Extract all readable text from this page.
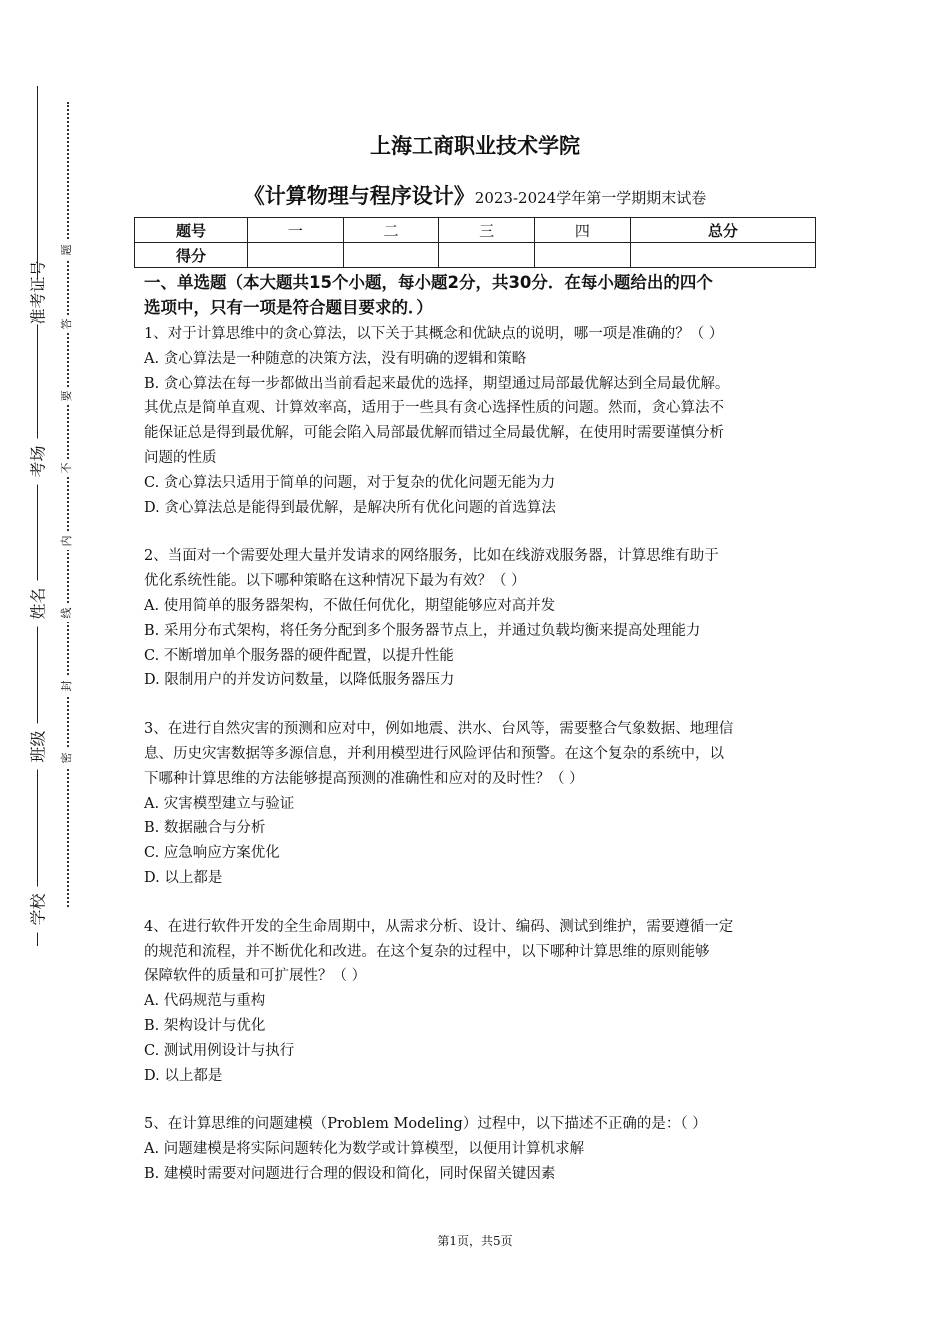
准考证号
考场
姓名
班级
学校
题
答
要
不
内
线
封
密
上海工商职业技术学院
《计算物理与程序设计》2023-2024学年第一学期期末试卷
题号	一	二	三	四	总分
得分					

一、单选题（本大题共15个小题，每小题2分，共30分．在每小题给出的四个

选项中，只有一项是符合题目要求的．）

1、对于计算思维中的贪心算法，以下关于其概念和优缺点的说明，哪一项是准确的？（ ）

A. 贪心算法是一种随意的决策方法，没有明确的逻辑和策略

B. 贪心算法在每一步都做出当前看起来最优的选择，期望通过局部最优解达到全局最优解。

其优点是简单直观、计算效率高，适用于一些具有贪心选择性质的问题。然而，贪心算法不

能保证总是得到最优解，可能会陷入局部最优解而错过全局最优解，在使用时需要谨慎分析

问题的性质

C. 贪心算法只适用于简单的问题，对于复杂的优化问题无能为力

D. 贪心算法总是能得到最优解，是解决所有优化问题的首选算法

2、当面对一个需要处理大量并发请求的网络服务，比如在线游戏服务器，计算思维有助于

优化系统性能。以下哪种策略在这种情况下最为有效？（ ）

A. 使用简单的服务器架构，不做任何优化，期望能够应对高并发

B. 采用分布式架构，将任务分配到多个服务器节点上，并通过负载均衡来提高处理能力

C. 不断增加单个服务器的硬件配置，以提升性能

D. 限制用户的并发访问数量，以降低服务器压力

3、在进行自然灾害的预测和应对中，例如地震、洪水、台风等，需要整合气象数据、地理信

息、历史灾害数据等多源信息，并利用模型进行风险评估和预警。在这个复杂的系统中，以

下哪种计算思维的方法能够提高预测的准确性和应对的及时性？（ ）

A. 灾害模型建立与验证

B. 数据融合与分析

C. 应急响应方案优化

D. 以上都是

4、在进行软件开发的全生命周期中，从需求分析、设计、编码、测试到维护，需要遵循一定

的规范和流程，并不断优化和改进。在这个复杂的过程中，以下哪种计算思维的原则能够

保障软件的质量和可扩展性？（ ）

A. 代码规范与重构

B. 架构设计与优化

C. 测试用例设计与执行

D. 以上都是

5、在计算思维的问题建模（Problem Modeling）过程中，以下描述不正确的是：（ ）

A. 问题建模是将实际问题转化为数学或计算模型，以便用计算机求解

B. 建模时需要对问题进行合理的假设和简化，同时保留关键因素

第1页，共5页
